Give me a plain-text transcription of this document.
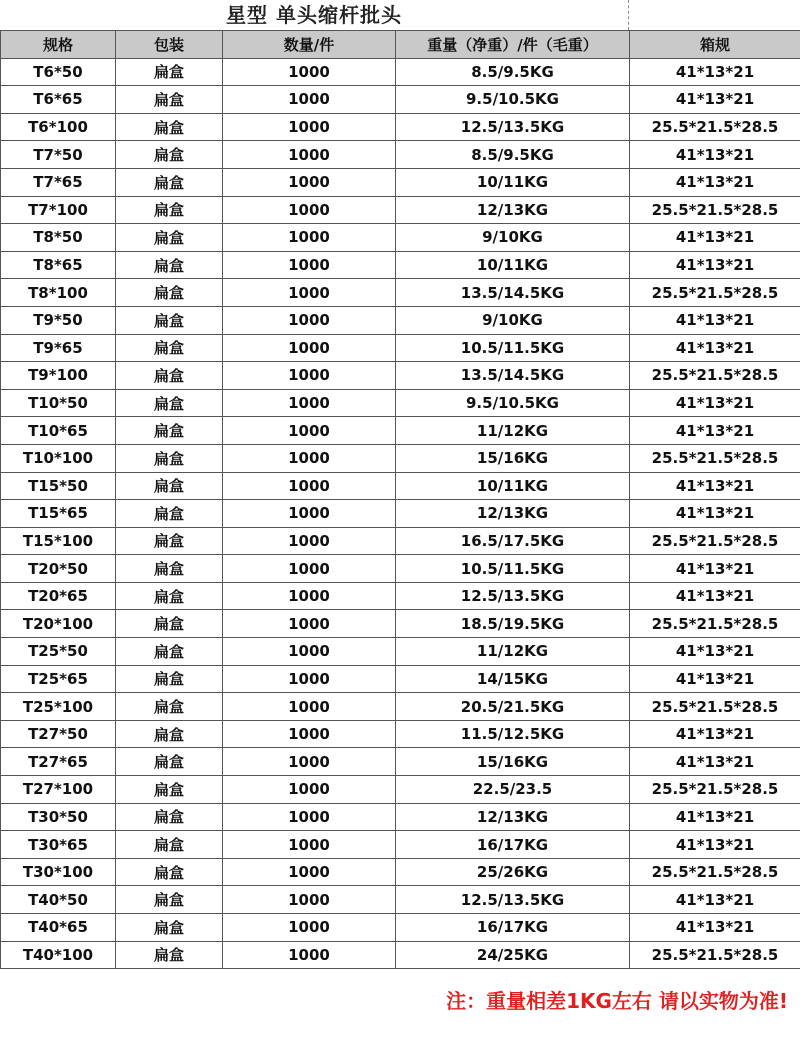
星型 单头缩杆批头
规格	包装	数量/件	重量（净重）/件（毛重）	箱规
T6*50	扁盒	1000	8.5/9.5KG	41*13*21
T6*65	扁盒	1000	9.5/10.5KG	41*13*21
T6*100	扁盒	1000	12.5/13.5KG	25.5*21.5*28.5
T7*50	扁盒	1000	8.5/9.5KG	41*13*21
T7*65	扁盒	1000	10/11KG	41*13*21
T7*100	扁盒	1000	12/13KG	25.5*21.5*28.5
T8*50	扁盒	1000	9/10KG	41*13*21
T8*65	扁盒	1000	10/11KG	41*13*21
T8*100	扁盒	1000	13.5/14.5KG	25.5*21.5*28.5
T9*50	扁盒	1000	9/10KG	41*13*21
T9*65	扁盒	1000	10.5/11.5KG	41*13*21
T9*100	扁盒	1000	13.5/14.5KG	25.5*21.5*28.5
T10*50	扁盒	1000	9.5/10.5KG	41*13*21
T10*65	扁盒	1000	11/12KG	41*13*21
T10*100	扁盒	1000	15/16KG	25.5*21.5*28.5
T15*50	扁盒	1000	10/11KG	41*13*21
T15*65	扁盒	1000	12/13KG	41*13*21
T15*100	扁盒	1000	16.5/17.5KG	25.5*21.5*28.5
T20*50	扁盒	1000	10.5/11.5KG	41*13*21
T20*65	扁盒	1000	12.5/13.5KG	41*13*21
T20*100	扁盒	1000	18.5/19.5KG	25.5*21.5*28.5
T25*50	扁盒	1000	11/12KG	41*13*21
T25*65	扁盒	1000	14/15KG	41*13*21
T25*100	扁盒	1000	20.5/21.5KG	25.5*21.5*28.5
T27*50	扁盒	1000	11.5/12.5KG	41*13*21
T27*65	扁盒	1000	15/16KG	41*13*21
T27*100	扁盒	1000	22.5/23.5	25.5*21.5*28.5
T30*50	扁盒	1000	12/13KG	41*13*21
T30*65	扁盒	1000	16/17KG	41*13*21
T30*100	扁盒	1000	25/26KG	25.5*21.5*28.5
T40*50	扁盒	1000	12.5/13.5KG	41*13*21
T40*65	扁盒	1000	16/17KG	41*13*21
T40*100	扁盒	1000	24/25KG	25.5*21.5*28.5
注：重量相差1KG左右 请以实物为准!
